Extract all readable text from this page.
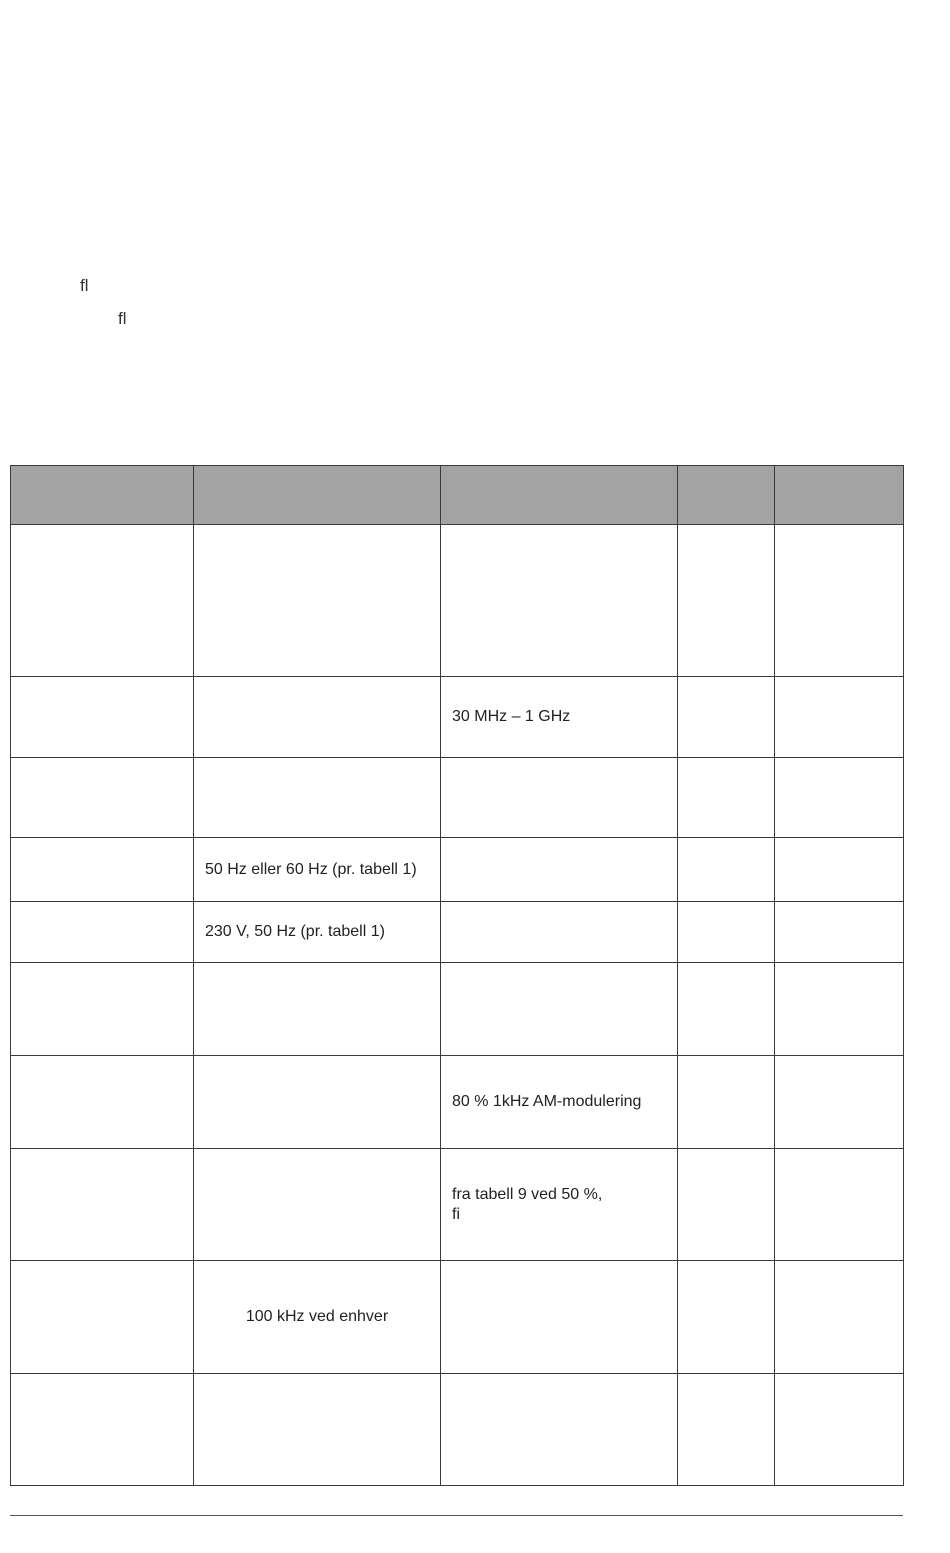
ﬂ
ﬂ

		30 MHz – 1 GHz		

	50 Hz eller 60 Hz (pr. tabell 1)			
	230 V, 50 Hz (pr. tabell 1)			

		80 % 1kHz AM-modulering		

		fra tabell 9 ved 50 %,
ﬁ		

	100 kHz ved enhver			
